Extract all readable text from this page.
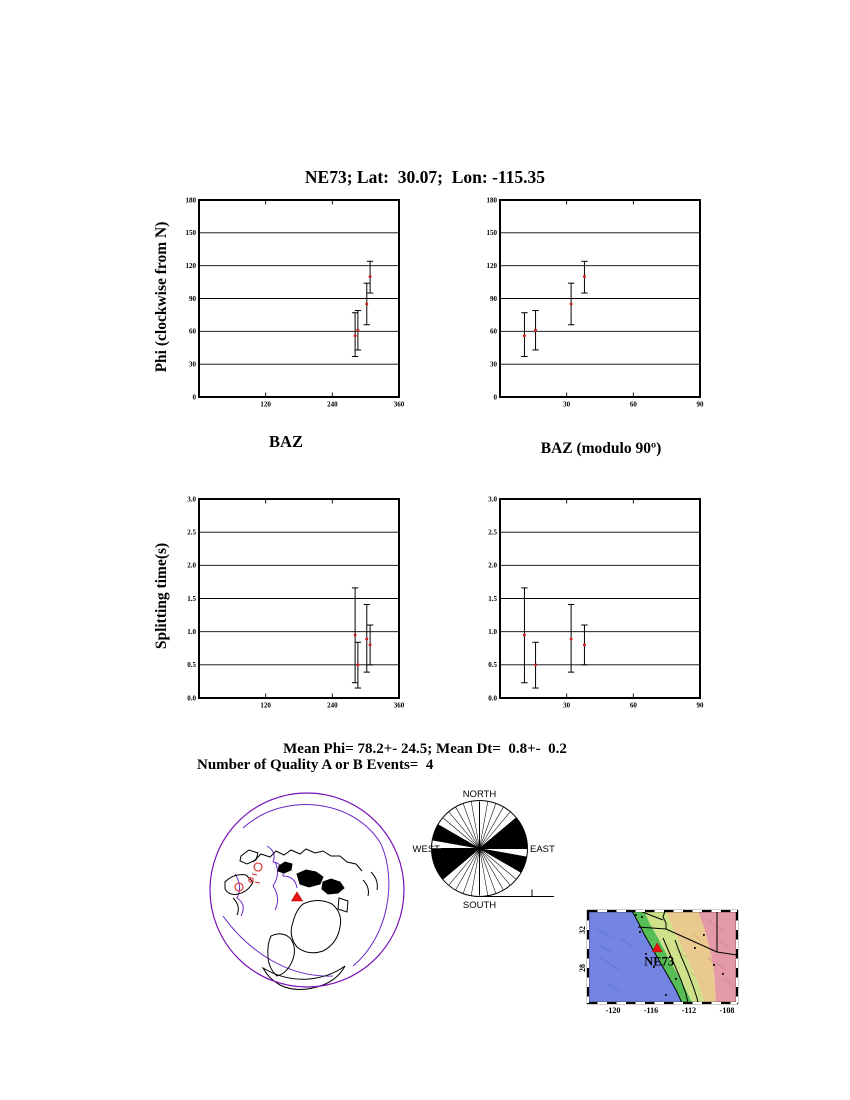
NE73; Lat:  30.07;  Lon: -115.35
Phi (clockwise from N)
Splitting time(s)
0
30
60
90
120
150
180
120	240	360
0
30
60
90
120
150
180
30	60	90
BAZ	BAZ (modulo 90º)
0.0
0.5
1.0
1.5
2.0
2.5
3.0
120	240	360
0.0
0.5
1.0
1.5
2.0
2.5
3.0
30	60	90
Mean Phi= 78.2+- 24.5; Mean Dt=  0.8+-  0.2
Number of Quality A or B Events=  4
NORTH
SOUTH
EAST
WEST
-120	-116	-112	-108
32
28	NE73
